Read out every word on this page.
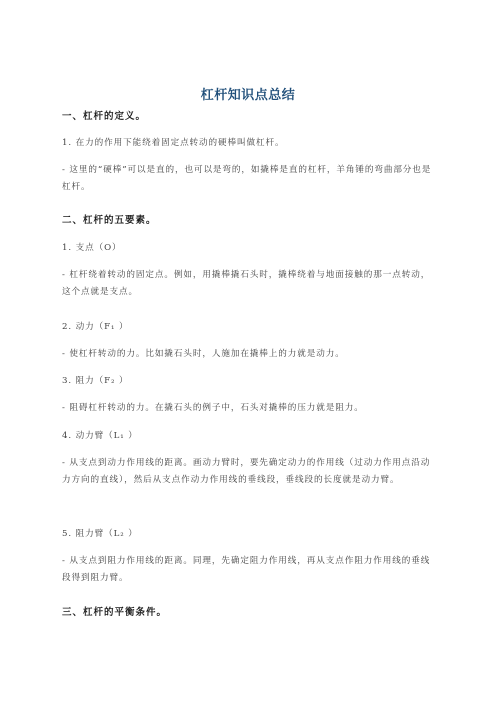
杠杆知识点总结
一、杠杆的定义。
1. 在力的作用下能绕着固定点转动的硬棒叫做杠杆。
- 这里的“硬棒”可以是直的，也可以是弯的，如撬棒是直的杠杆，羊角锤的弯曲部分也是杠杆。
二、杠杆的五要素。
1. 支点（O）
- 杠杆绕着转动的固定点。例如，用撬棒撬石头时，撬棒绕着与地面接触的那一点转动，这个点就是支点。
2. 动力（F₁ ）
- 使杠杆转动的力。比如撬石头时，人施加在撬棒上的力就是动力。
3. 阻力（F₂ ）
- 阻碍杠杆转动的力。在撬石头的例子中，石头对撬棒的压力就是阻力。
4. 动力臂（L₁ ）
- 从支点到动力作用线的距离。画动力臂时，要先确定动力的作用线（过动力作用点沿动力方向的直线），然后从支点作动力作用线的垂线段，垂线段的长度就是动力臂。
5. 阻力臂（L₂ ）
- 从支点到阻力作用线的距离。同理，先确定阻力作用线，再从支点作阻力作用线的垂线段得到阻力臂。
三、杠杆的平衡条件。
